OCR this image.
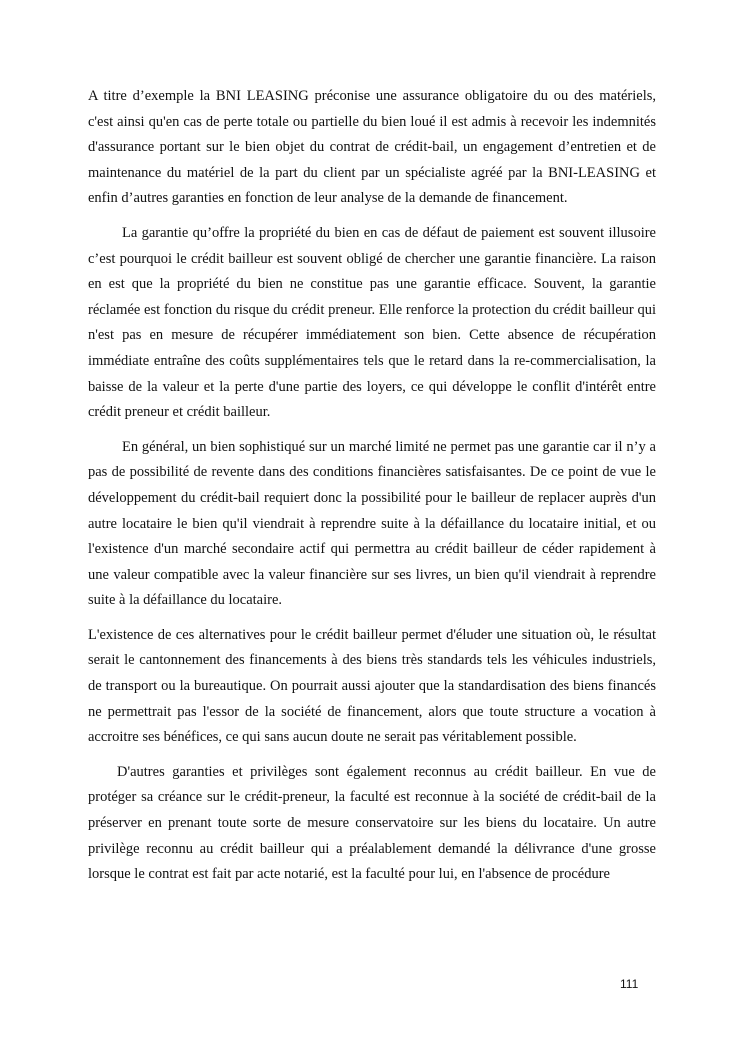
A titre d’exemple la BNI LEASING préconise une assurance obligatoire du ou des matériels, c'est ainsi qu'en cas de perte totale ou partielle du bien loué il est admis à recevoir les indemnités d'assurance portant sur le bien objet du contrat de crédit-bail, un engagement d’entretien et de maintenance du matériel de la part du client par un spécialiste agréé par la BNI-LEASING et enfin d’autres garanties en fonction de leur analyse de la demande de financement.

La garantie qu’offre la propriété du bien en cas de défaut de paiement est souvent illusoire c’est pourquoi le crédit bailleur est souvent obligé de chercher une garantie financière. La raison en est que la propriété du bien ne constitue pas une garantie efficace. Souvent, la garantie réclamée est fonction du risque du crédit preneur. Elle renforce la protection du crédit bailleur qui n'est pas en mesure de récupérer immédiatement son bien. Cette absence de récupération immédiate entraîne des coûts supplémentaires tels que le retard dans la re-commercialisation, la baisse de la valeur et la perte d'une partie des loyers, ce qui développe le conflit d'intérêt entre crédit preneur et crédit bailleur.

En général, un bien sophistiqué sur un marché limité ne permet pas une garantie car il n’y a pas de possibilité de revente dans des conditions financières satisfaisantes. De ce point de vue le développement du crédit-bail requiert donc la possibilité pour le bailleur de replacer auprès d'un autre locataire le bien qu'il viendrait à reprendre suite à la défaillance du locataire initial, et ou l'existence d'un marché secondaire actif qui permettra au crédit bailleur de céder rapidement à une valeur compatible avec la valeur financière sur ses livres, un bien qu'il viendrait à reprendre suite à la défaillance du locataire.

L'existence de ces alternatives pour le crédit bailleur permet d'éluder une situation où, le résultat serait le cantonnement des financements à des biens très standards tels les véhicules industriels, de transport ou la bureautique. On pourrait aussi ajouter que la standardisation des biens financés ne permettrait pas l'essor de la société de financement, alors que toute structure a vocation à accroitre ses bénéfices, ce qui sans aucun doute ne serait pas véritablement possible.

D'autres garanties et privilèges sont également reconnus au crédit bailleur. En vue de protéger sa créance sur le crédit-preneur, la faculté est reconnue à la société de crédit-bail de la préserver en prenant toute sorte de mesure conservatoire sur les biens du locataire. Un autre privilège reconnu au crédit bailleur qui a préalablement demandé la délivrance d'une grosse lorsque le contrat est fait par acte notarié, est la faculté pour lui, en l'absence de procédure

111
